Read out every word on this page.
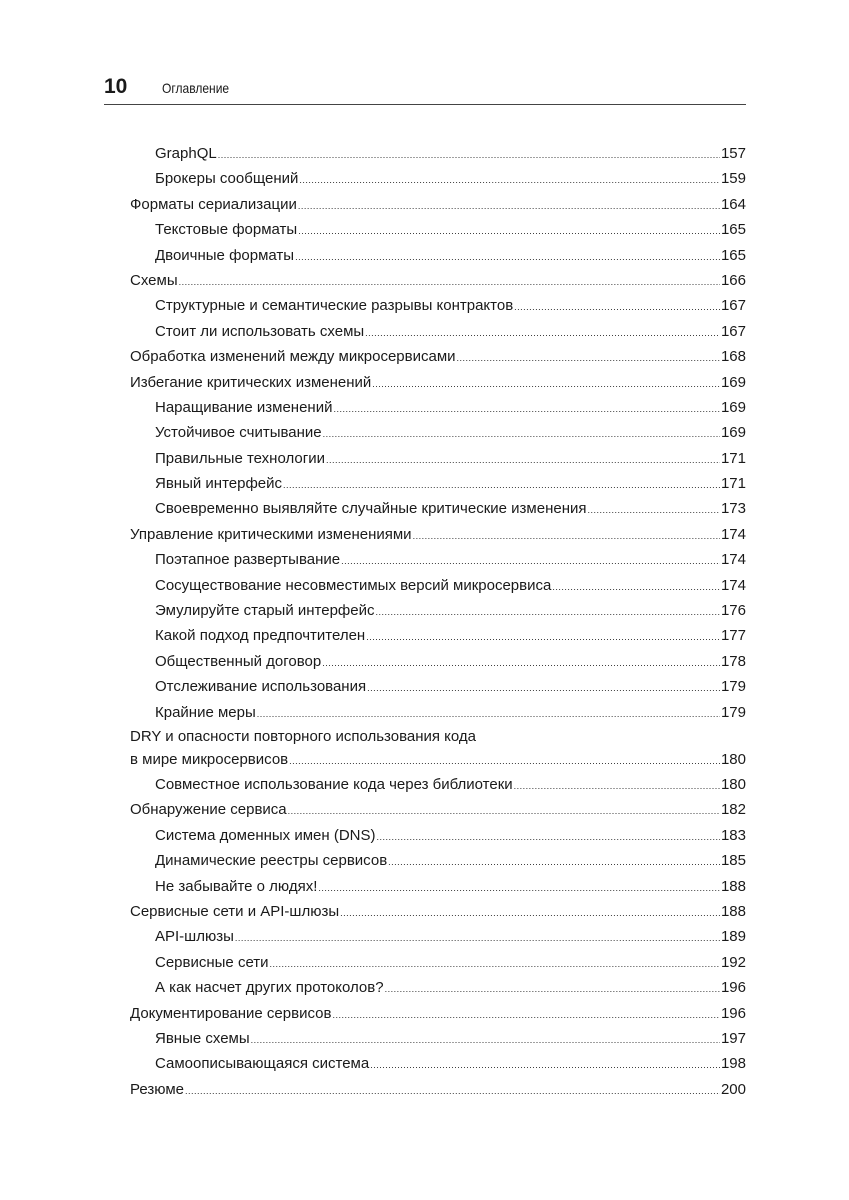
10 Оглавление
GraphQL .....	157
Брокеры сообщений .....	159
Форматы сериализации .....	164
Текстовые форматы .....	165
Двоичные форматы .....	165
Схемы .....	166
Структурные и семантические разрывы контрактов .....	167
Стоит ли использовать схемы .....	167
Обработка изменений между микросервисами .....	168
Избегание критических изменений .....	169
Наращивание изменений .....	169
Устойчивое считывание .....	169
Правильные технологии .....	171
Явный интерфейс .....	171
Своевременно выявляйте случайные критические изменения .....	173
Управление критическими изменениями .....	174
Поэтапное развертывание .....	174
Сосуществование несовместимых версий микросервиса .....	174
Эмулируйте старый интерфейс .....	176
Какой подход предпочтителен .....	177
Общественный договор .....	178
Отслеживание использования .....	179
Крайние меры .....	179
DRY и опасности повторного использования кода
в мире микросервисов .....	180
Совместное использование кода через библиотеки .....	180
Обнаружение сервиса .....	182
Система доменных имен (DNS) .....	183
Динамические реестры сервисов .....	185
Не забывайте о людях! .....	188
Сервисные сети и API-шлюзы .....	188
API-шлюзы .....	189
Сервисные сети .....	192
А как насчет других протоколов? .....	196
Документирование сервисов .....	196
Явные схемы .....	197
Самоописывающаяся система .....	198
Резюме .....	200
